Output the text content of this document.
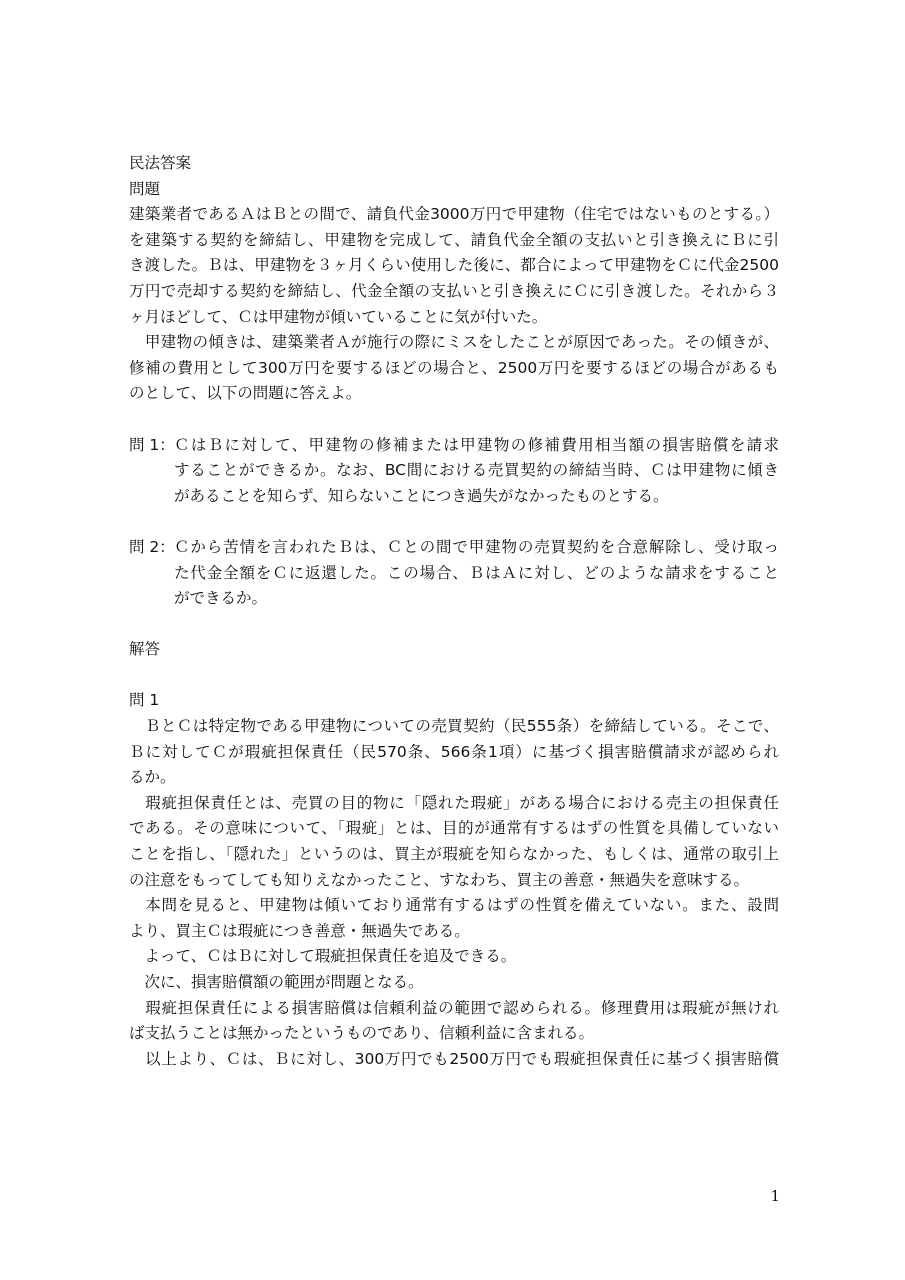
民法答案
問題
建築業者であるＡはＢとの間で、請負代金3000万円で甲建物（住宅ではないものとする。）
を建築する契約を締結し、甲建物を完成して、請負代金全額の支払いと引き換えにＢに引
き渡した。Ｂは、甲建物を３ヶ月くらい使用した後に、都合によって甲建物をＣに代金2500
万円で売却する契約を締結し、代金全額の支払いと引き換えにＣに引き渡した。それから３
ヶ月ほどして、Ｃは甲建物が傾いていることに気が付いた。
　甲建物の傾きは、建築業者Ａが施行の際にミスをしたことが原因であった。その傾きが、
修補の費用として300万円を要するほどの場合と、2500万円を要するほどの場合があるも
のとして、以下の問題に答えよ。
問 1： ＣはＢに対して、甲建物の修補または甲建物の修補費用相当額の損害賠償を請求
することができるか。なお、BC間における売買契約の締結当時、Ｃは甲建物に傾き
があることを知らず、知らないことにつき過失がなかったものとする。
問 2： Ｃから苦情を言われたＢは、Ｃとの間で甲建物の売買契約を合意解除し、受け取っ
た代金全額をＣに返還した。この場合、ＢはＡに対し、どのような請求をすること
ができるか。
解答
問 1
　ＢとＣは特定物である甲建物についての売買契約（民555条）を締結している。そこで、
Ｂに対してＣが瑕疵担保責任（民570条、566条1項）に基づく損害賠償請求が認められ
るか。
　瑕疵担保責任とは、売買の目的物に「隠れた瑕疵」がある場合における売主の担保責任
である。その意味について、「瑕疵」とは、目的が通常有するはずの性質を具備していない
ことを指し、「隠れた」というのは、買主が瑕疵を知らなかった、もしくは、通常の取引上
の注意をもってしても知りえなかったこと、すなわち、買主の善意・無過失を意味する。
　本問を見ると、甲建物は傾いており通常有するはずの性質を備えていない。また、設問
より、買主Ｃは瑕疵につき善意・無過失である。
　よって、ＣはＢに対して瑕疵担保責任を追及できる。
　次に、損害賠償額の範囲が問題となる。
　瑕疵担保責任による損害賠償は信頼利益の範囲で認められる。修理費用は瑕疵が無けれ
ば支払うことは無かったというものであり、信頼利益に含まれる。
　以上より、Ｃは、Ｂに対し、300万円でも2500万円でも瑕疵担保責任に基づく損害賠償
1
